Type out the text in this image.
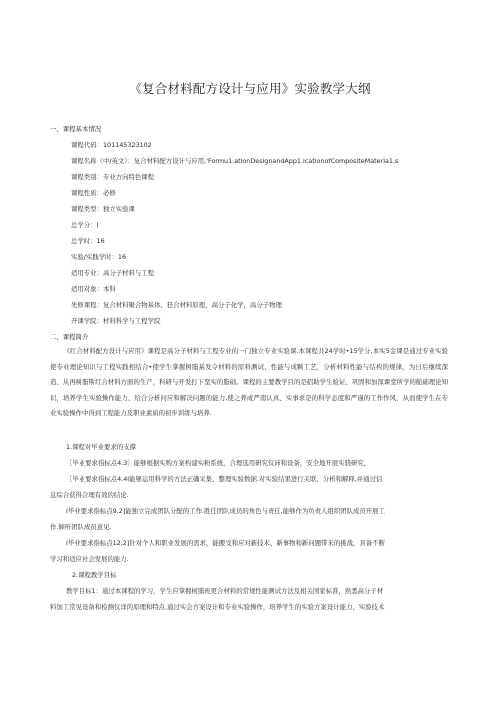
《复合材料配方设计与应用》实验教学大纲
一、课程基本情况
课程代码：101145323102
课程名称（中/英文）：复合材料配方设计与应用,'Formu1.ationDesignandApp1.icationofCompositeMateria1.s
课程类别：专业方向特色课程
课程性质：必修
课程类型：独立实验课
总学分：I
总学时：16
实验/实践学时：16
适用专业：高分子材料与工程
适用对象：本科
先修课程：复合材料聚合物基体、狂合材料原理，高分子化学，高分子物理
开课学院：材料科学与工程学院
二、课程简介
《红合材料配方设计与应用》课程是高分子材料与工程专业的一门独立专业实验课.本课程共24学时•15学分,本实5金课是通过专业实验使专业理论知识与工程实践相结合•使学生掌握树脂基发令材料的原料测试、性能与成颗工艺，分析材料性能与结构的规律，为日后继续深造、从再树脂斯红合材料方面的生产，科研与开发打下坚实的脂础。课程的主要教学目的是招助学生验证、巩固和加深课堂所学的舶础理论知识，培养学生实验操作能力、给合分析问应和解决问题的能力,使之养成严南认真、实事求是的科学态度和严谨的工作作风，从而使学生在专业实验操作中得到工程能力及职业素质的初步训练与培养.
1.课程对毕业要求的支撑
［毕业要求指标点4.3］能够根据实购方案构建实粉系统，合理选用研究仪沛和设备，安全地开展实骁研究，
［毕业要求指标点4.4l能够运用科学的方法正确采集、整理实验数据.对实验结果进行关联、分析和解释,并通过信
息综合获得合理有效的结论.
I毕业要求指标点9.2]能独立完成团队分配的工作.胜任团队成员的角色与责任,能够作为负责人组织团队成员开展工
作.倾听团队成员意见.
I毕业要求指标点12,2]针对个人和职业发展的需求，能搬受和应对新技术、新事物和新问题带来的挑战，具备不断
学习和适应社会发展的能力.
2.课程教学目标
教学目标1：通过本课程的学习，学生应掌握树脂班更合材料的常规性能测试方法及相关国家标准，熟悉高分子材
料加工常见设备和检测仪洋的原理和特点.通过实会方案设计和专业实验操作，培养学生的实验方案设计能力、实验技术
